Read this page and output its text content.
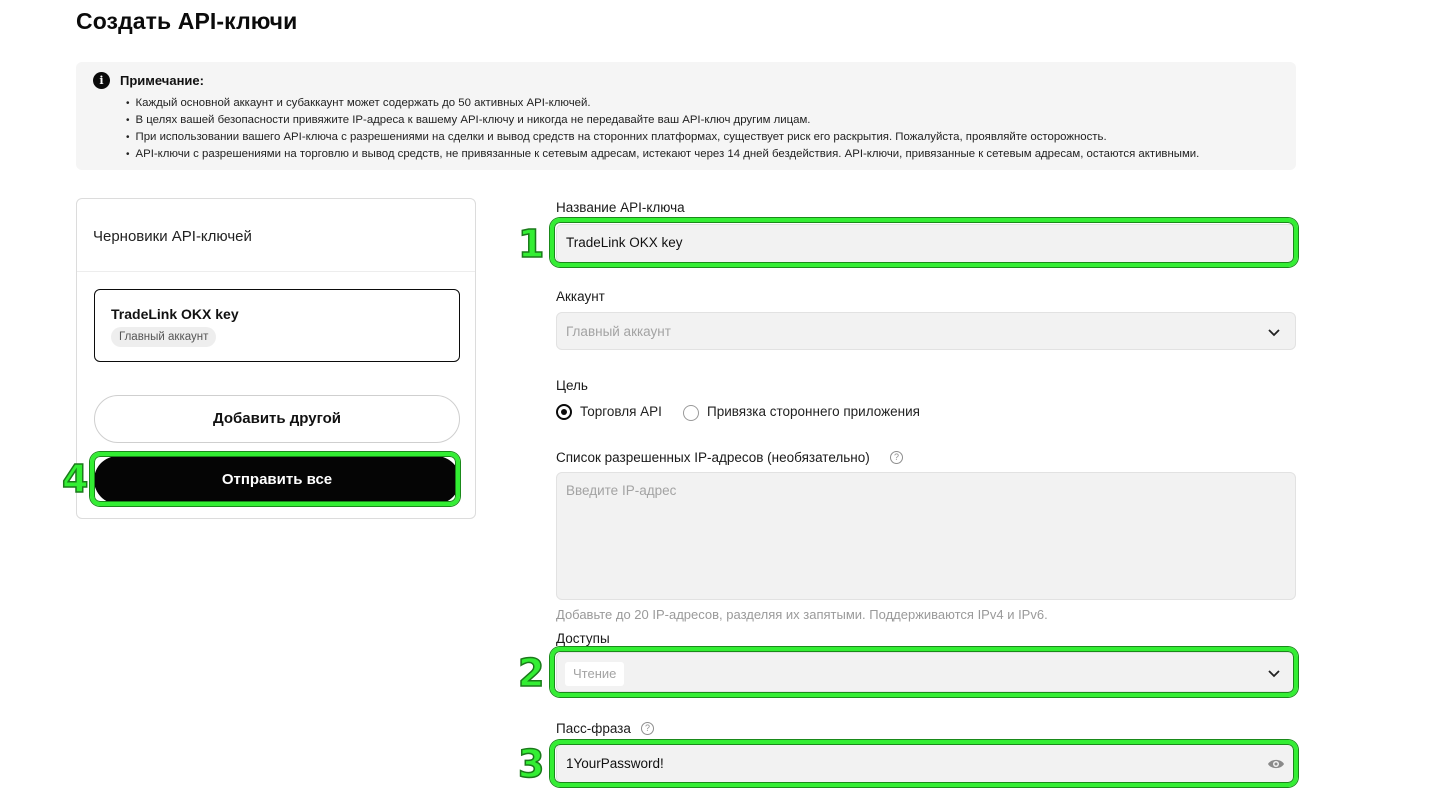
Создать API-ключи
i	Примечание:
• Каждый основной аккаунт и субаккаунт может содержать до 50 активных API-ключей.
• В целях вашей безопасности привяжите IP-адреса к вашему API-ключу и никогда не передавайте ваш API-ключ другим лицам.
• При использовании вашего API-ключа с разрешениями на сделки и вывод средств на сторонних платформах, существует риск его раскрытия. Пожалуйста, проявляйте осторожность.
• API-ключи с разрешениями на торговлю и вывод средств, не привязанные к сетевым адресам, истекают через 14 дней бездействия. API-ключи, привязанные к сетевым адресам, остаются активными.
Черновики API-ключей
TradeLink OKX key
Главный аккаунт
Добавить другой
Отправить все
Название API-ключа
TradeLink OKX key
Аккаунт
Главный аккаунт
Цель
Торговля API	Привязка стороннего приложения
Список разрешенных IP-адресов (необязательно)	?
Введите IP-адрес
Добавьте до 20 IP-адресов, разделяя их запятыми. Поддерживаются IPv4 и IPv6.
Доступы
Чтение
Пасс-фраза	?
1YourPassword!
1
2
3
4
